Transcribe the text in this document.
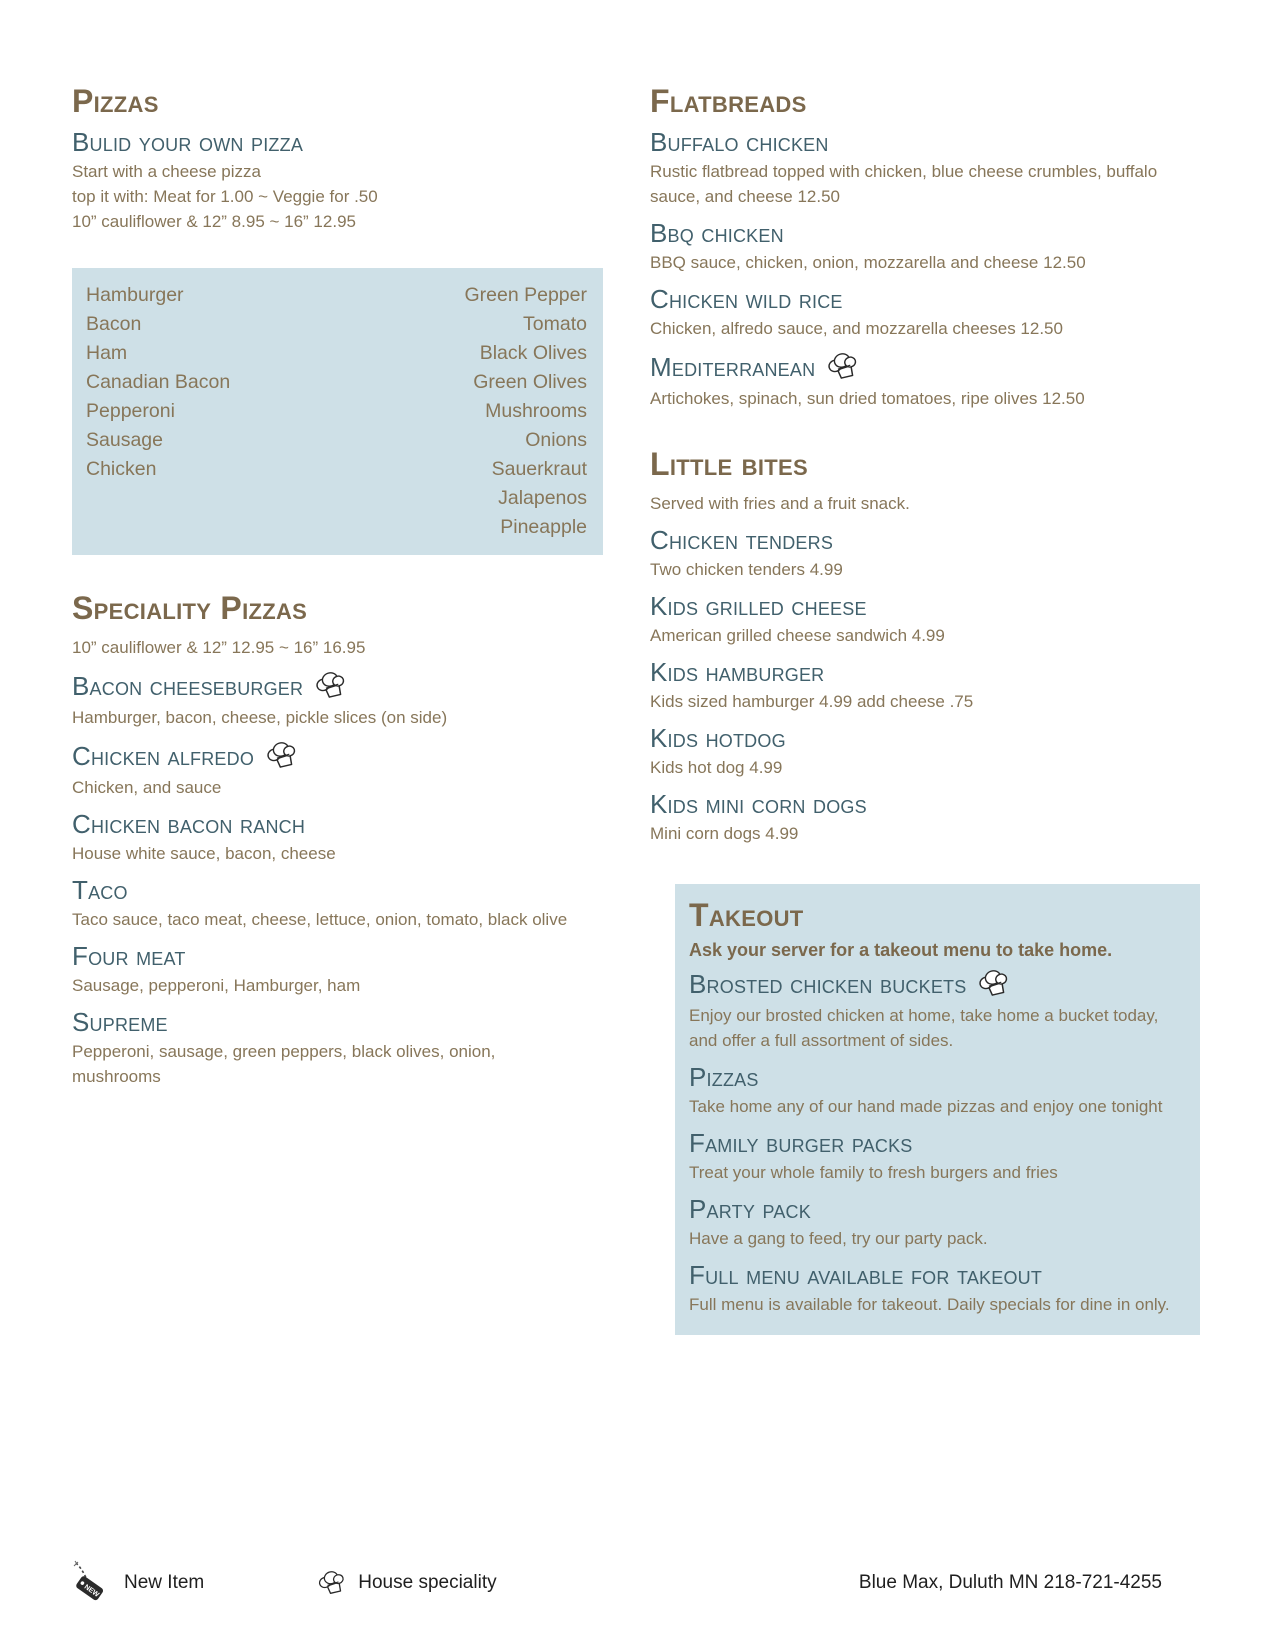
Pizzas
Bulid your own pizza

Start with a cheese pizza

top it with: Meat for 1.00 ~ Veggie for .50

10” cauliflower & 12” 8.95 ~ 16” 12.95

Hamburger
Bacon
Ham
Canadian Bacon
Pepperoni
Sausage
Chicken
Green Pepper
Tomato
Black Olives
Green Olives
Mushrooms
Onions
Sauerkraut
Jalapenos
Pineapple
Speciality Pizzas

10” cauliflower & 12” 12.95 ~ 16” 16.95

Bacon cheeseburger

Hamburger, bacon, cheese, pickle slices (on side)

Chicken alfredo

Chicken, and sauce

Chicken bacon ranch

House white sauce, bacon, cheese

Taco

Taco sauce, taco meat, cheese, lettuce, onion, tomato, black olive

Four meat

Sausage, pepperoni, Hamburger, ham

Supreme

Pepperoni, sausage, green peppers, black olives, onion, mushrooms

Flatbreads
Buffalo chicken

Rustic flatbread topped with chicken, blue cheese crumbles, buffalo sauce, and cheese 12.50

Bbq chicken

BBQ sauce, chicken, onion, mozzarella and cheese 12.50

Chicken wild rice

Chicken, alfredo sauce, and mozzarella cheeses 12.50

Mediterranean

Artichokes, spinach, sun dried tomatoes, ripe olives 12.50

Little bites

Served with fries and a fruit snack.

Chicken tenders

Two chicken tenders 4.99

Kids grilled cheese

American grilled cheese sandwich 4.99

Kids hamburger

Kids sized hamburger 4.99 add cheese .75

Kids hotdog

Kids hot dog 4.99

Kids mini corn dogs

Mini corn dogs 4.99

Takeout

Ask your server for a takeout menu to take home.

Brosted chicken buckets

Enjoy our brosted chicken at home, take home a bucket today, and offer a full assortment of sides.

Pizzas

Take home any of our hand made pizzas and enjoy one tonight

Family burger packs

Treat your whole family to fresh burgers and fries

Party pack

Have a gang to feed, try our party pack.

Full menu available for takeout

Full menu is available for takeout. Daily specials for dine in only.

New Item	House speciality	Blue Max, Duluth MN 218-721-4255
